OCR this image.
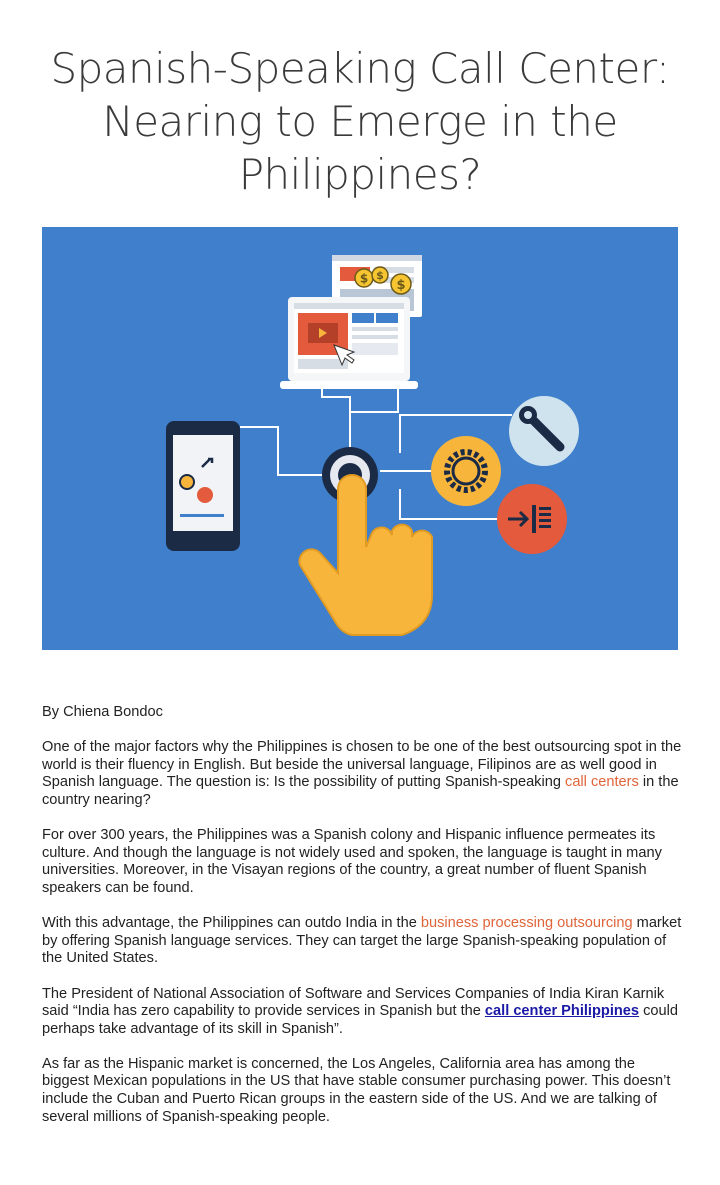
Spanish-Speaking Call Center: Nearing to Emerge in the Philippines?
$ $
$

By Chiena Bondoc

One of the major factors why the Philippines is chosen to be one of the best outsourcing spot in the world is their fluency in English. But beside the universal language, Filipinos are as well good in Spanish language. The question is: Is the possibility of putting Spanish-speaking call centers in the country nearing?

For over 300 years, the Philippines was a Spanish colony and Hispanic influence permeates its culture. And though the language is not widely used and spoken, the language is taught in many universities. Moreover, in the Visayan regions of the country, a great number of fluent Spanish speakers can be found.

With this advantage, the Philippines can outdo India in the business processing outsourcing market by offering Spanish language services. They can target the large Spanish-speaking population of the United States.

The President of National Association of Software and Services Companies of India Kiran Karnik said “India has zero capability to provide services in Spanish but the call center Philippines could perhaps take advantage of its skill in Spanish”.

As far as the Hispanic market is concerned, the Los Angeles, California area has among the biggest Mexican populations in the US that have stable consumer purchasing power. This doesn’t include the Cuban and Puerto Rican groups in the eastern side of the US. And we are talking of several millions of Spanish-speaking people.
